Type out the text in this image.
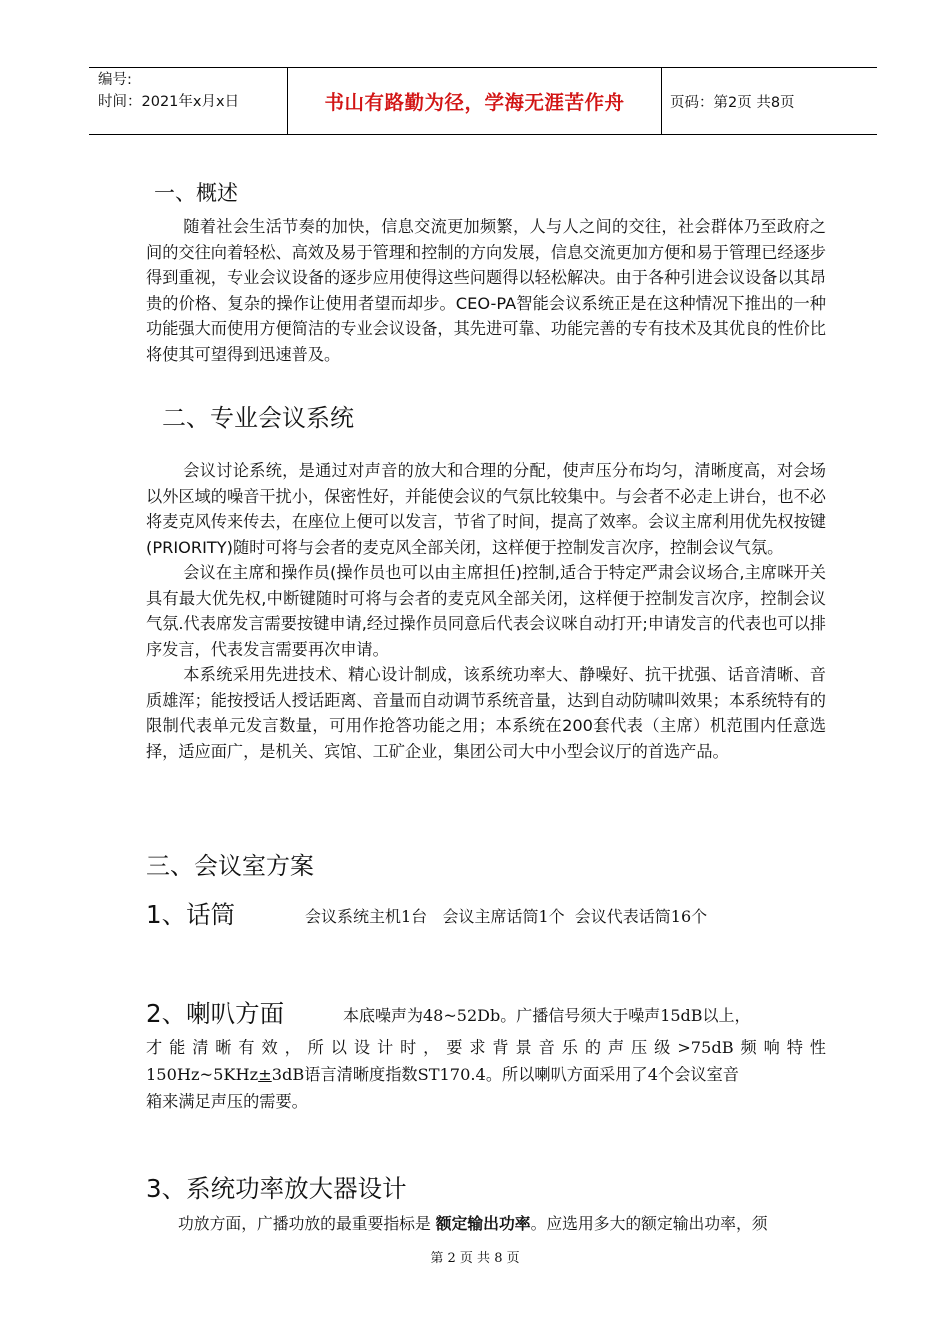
编号:
时间：2021年x月x日	书山有路勤为径，学海无涯苦作舟	页码：第2页 共8页
一、概述

随着社会生活节奏的加快，信息交流更加频繁，人与人之间的交往，社会群体乃至政府之间的交往向着轻松、高效及易于管理和控制的方向发展，信息交流更加方便和易于管理已经逐步得到重视，专业会议设备的逐步应用使得这些问题得以轻松解决。由于各种引进会议设备以其昂贵的价格、复杂的操作让使用者望而却步。CEO-PA智能会议系统正是在这种情况下推出的一种功能强大而使用方便简洁的专业会议设备，其先进可靠、功能完善的专有技术及其优良的性价比将使其可望得到迅速普及。

二、专业会议系统

会议讨论系统，是通过对声音的放大和合理的分配，使声压分布均匀，清晰度高，对会场以外区域的噪音干扰小，保密性好，并能使会议的气氛比较集中。与会者不必走上讲台，也不必将麦克风传来传去，在座位上便可以发言，节省了时间，提高了效率。会议主席利用优先权按键(PRIORITY)随时可将与会者的麦克风全部关闭，这样便于控制发言次序，控制会议气氛。

会议在主席和操作员(操作员也可以由主席担任)控制,适合于特定严肃会议场合,主席咪开关具有最大优先权,中断键随时可将与会者的麦克风全部关闭，这样便于控制发言次序，控制会议气氛.代表席发言需要按键申请,经过操作员同意后代表会议咪自动打开;申请发言的代表也可以排序发言，代表发言需要再次申请。

本系统采用先进技术、精心设计制成，该系统功率大、静噪好、抗干扰强、话音清晰、音质雄浑；能按授话人授话距离、音量而自动调节系统音量，达到自动防啸叫效果；本系统特有的限制代表单元发言数量，可用作抢答功能之用；本系统在200套代表（主席）机范围内任意选择，适应面广，是机关、宾馆、工矿企业，集团公司大中小型会议厅的首选产品。

三、会议室方案
1、话筒	会议系统主机1台   会议主席话筒1个  会议代表话筒16个
2、喇叭方面	本底噪声为48~52Db。广播信号须大于噪声15dB以上，

才能清晰有效，所以设计时，要求背景音乐的声压级>75dB频响特性

150Hz~5KHz±3dB语言清晰度指数ST170.4。所以喇叭方面采用了4个会议室音

箱来满足声压的需要。

3、系统功率放大器设计
功放方面，广播功放的最重要指标是 额定输出功率。应选用多大的额定输出功率，须
第 2 页 共 8 页
